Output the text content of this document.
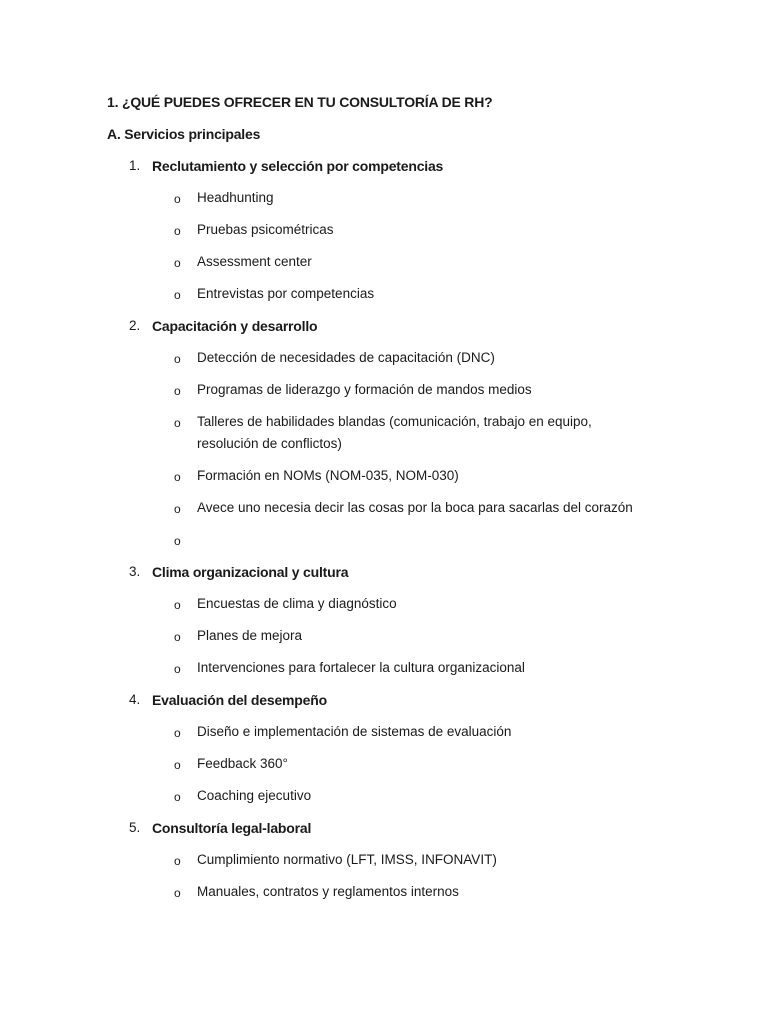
1. ¿QUÉ PUEDES OFRECER EN TU CONSULTORÍA DE RH?
A. Servicios principales
1. Reclutamiento y selección por competencias
o Headhunting
o Pruebas psicométricas
o Assessment center
o Entrevistas por competencias
2. Capacitación y desarrollo
o Detección de necesidades de capacitación (DNC)
o Programas de liderazgo y formación de mandos medios
o Talleres de habilidades blandas (comunicación, trabajo en equipo, resolución de conflictos)
o Formación en NOMs (NOM-035, NOM-030)
o Avece uno necesia decir las cosas por la boca para sacarlas del corazón
o
3. Clima organizacional y cultura
o Encuestas de clima y diagnóstico
o Planes de mejora
o Intervenciones para fortalecer la cultura organizacional
4. Evaluación del desempeño
o Diseño e implementación de sistemas de evaluación
o Feedback 360°
o Coaching ejecutivo
5. Consultoría legal-laboral
o Cumplimiento normativo (LFT, IMSS, INFONAVIT)
o Manuales, contratos y reglamentos internos
